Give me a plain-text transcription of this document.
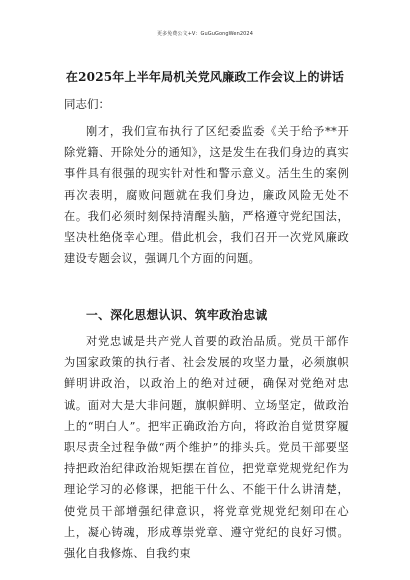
更多免费公文+V：GuGuGongWen2024
在2025年上半年局机关党风廉政工作会议上的讲话

同志们：

刚才，我们宣布执行了区纪委监委《关于给予**开除党籍、开除处分的通知》，这是发生在我们身边的真实事件具有很强的现实针对性和警示意义。活生生的案例再次表明，腐败问题就在我们身边，廉政风险无处不在。我们必须时刻保持清醒头脑，严格遵守党纪国法，坚决杜绝侥幸心理。借此机会，我们召开一次党风廉政建设专题会议，强调几个方面的问题。

一、深化思想认识、筑牢政治忠诚

对党忠诚是共产党人首要的政治品质。党员干部作为国家政策的执行者、社会发展的攻坚力量，必须旗帜鲜明讲政治，以政治上的绝对过硬，确保对党绝对忠诚。面对大是大非问题，旗帜鲜明、立场坚定，做政治上的“明白人”。把牢正确政治方向，将政治自觉贯穿履职尽责全过程争做“两个维护”的排头兵。党员干部要坚持把政治纪律政治规矩摆在首位，把党章党规党纪作为理论学习的必修课，把能干什么、不能干什么讲清楚，使党员干部增强纪律意识，将党章党规党纪刻印在心上，凝心铸魂，形成尊崇党章、遵守党纪的良好习惯。强化自我修炼、自我约束
